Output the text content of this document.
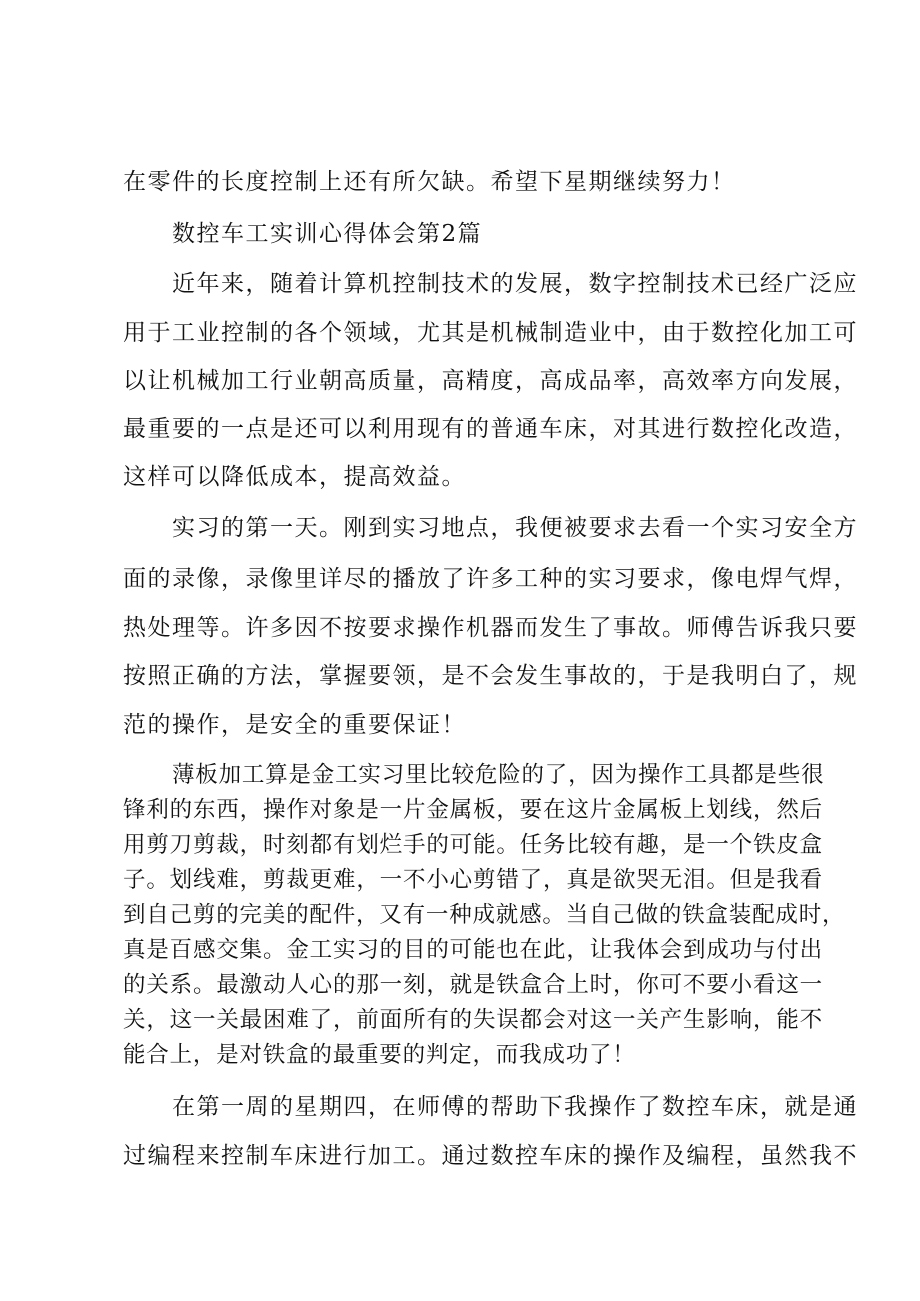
在零件的长度控制上还有所欠缺。希望下星期继续努力！
数控车工实训心得体会第2篇
近年来，随着计算机控制技术的发展，数字控制技术已经广泛应
用于工业控制的各个领域，尤其是机械制造业中，由于数控化加工可
以让机械加工行业朝高质量，高精度，高成品率，高效率方向发展，
最重要的一点是还可以利用现有的普通车床，对其进行数控化改造，
这样可以降低成本，提高效益。
实习的第一天。刚到实习地点，我便被要求去看一个实习安全方
面的录像，录像里详尽的播放了许多工种的实习要求，像电焊气焊，
热处理等。许多因不按要求操作机器而发生了事故。师傅告诉我只要
按照正确的方法，掌握要领，是不会发生事故的，于是我明白了，规
范的操作，是安全的重要保证！
薄板加工算是金工实习里比较危险的了，因为操作工具都是些很
锋利的东西，操作对象是一片金属板，要在这片金属板上划线，然后
用剪刀剪裁，时刻都有划烂手的可能。任务比较有趣，是一个铁皮盒
子。划线难，剪裁更难，一不小心剪错了，真是欲哭无泪。但是我看
到自己剪的完美的配件，又有一种成就感。当自己做的铁盒装配成时，
真是百感交集。金工实习的目的可能也在此，让我体会到成功与付出
的关系。最激动人心的那一刻，就是铁盒合上时，你可不要小看这一
关，这一关最困难了，前面所有的失误都会对这一关产生影响，能不
能合上，是对铁盒的最重要的判定，而我成功了！
在第一周的星期四，在师傅的帮助下我操作了数控车床，就是通
过编程来控制车床进行加工。通过数控车床的操作及编程，虽然我不
